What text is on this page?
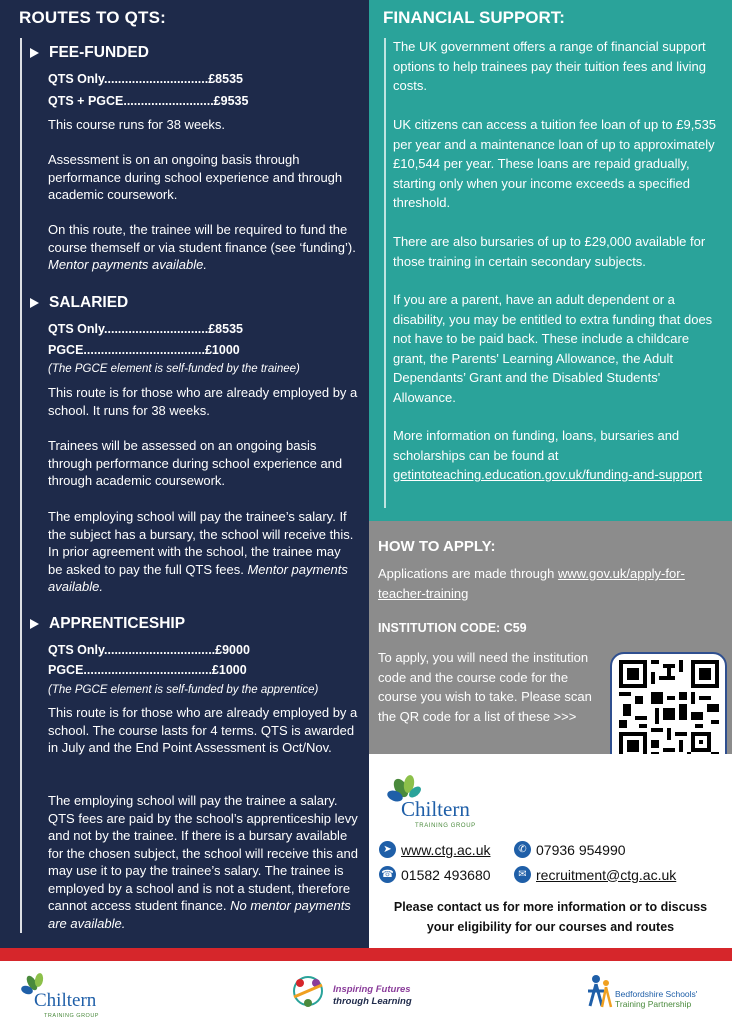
ROUTES TO QTS:
FEE-FUNDED
QTS Only..............................£8535
QTS + PGCE..........................£9535
This course runs for 38 weeks.
Assessment is on an ongoing basis through performance during school experience and through academic coursework.
On this route, the trainee will be required to fund the course themself or via student finance (see ‘funding’). Mentor payments available.
SALARIED
QTS Only..............................£8535
PGCE...................................£1000
(The PGCE element is self-funded by the trainee)
This route is for those who are already employed by a school. It runs for 38 weeks.
Trainees will be assessed on an ongoing basis through performance during school experience and through academic coursework.
The employing school will pay the trainee’s salary. If the subject has a bursary, the school will receive this. In prior agreement with the school, the trainee may be asked to pay the full QTS fees. Mentor payments available.
APPRENTICESHIP
QTS Only................................£9000
PGCE.....................................£1000
(The PGCE element is self-funded by the apprentice)
This route is for those who are already employed by a school. The course lasts for 4 terms. QTS is awarded in July and the End Point Assessment is Oct/Nov.
The employing school will pay the trainee a salary. QTS fees are paid by the school’s apprenticeship levy and not by the trainee. If there is a bursary available for the chosen subject, the school will receive this and may use it to pay the trainee’s salary. The trainee is employed by a school and is not a student, therefore cannot access student finance. No mentor payments are available.
FINANCIAL SUPPORT:
The UK government offers a range of financial support options to help trainees pay their tuition fees and living costs.
UK citizens can access a tuition fee loan of up to £9,535 per year and a maintenance loan of up to approximately £10,544 per year. These loans are repaid gradually, starting only when your income exceeds a specified threshold.
There are also bursaries of up to £29,000 available for those training in certain secondary subjects.
If you are a parent, have an adult dependent or a disability, you may be entitled to extra funding that does not have to be paid back. These include a childcare grant, the Parents' Learning Allowance, the Adult Dependants’ Grant and the Disabled Students' Allowance.
More information on funding, loans, bursaries and scholarships can be found at getintoteaching.education.gov.uk/funding-and-support
HOW TO APPLY:
Applications are made through www.gov.uk/apply-for-teacher-training
INSTITUTION CODE: C59
To apply, you will need the institution code and the course code for the course you wish to take. Please scan the QR code for a list of these >>>
Chiltern
TRAINING GROUP
➤ www.ctg.ac.uk	✆ 07936 954990
☎ 01582 493680	✉ recruitment@ctg.ac.uk
Please contact us for more information or to discuss your eligibility for our courses and routes
Chiltern
TRAINING GROUP
Inspiring Futures
through Learning
Bedfordshire Schools'
Training Partnership
